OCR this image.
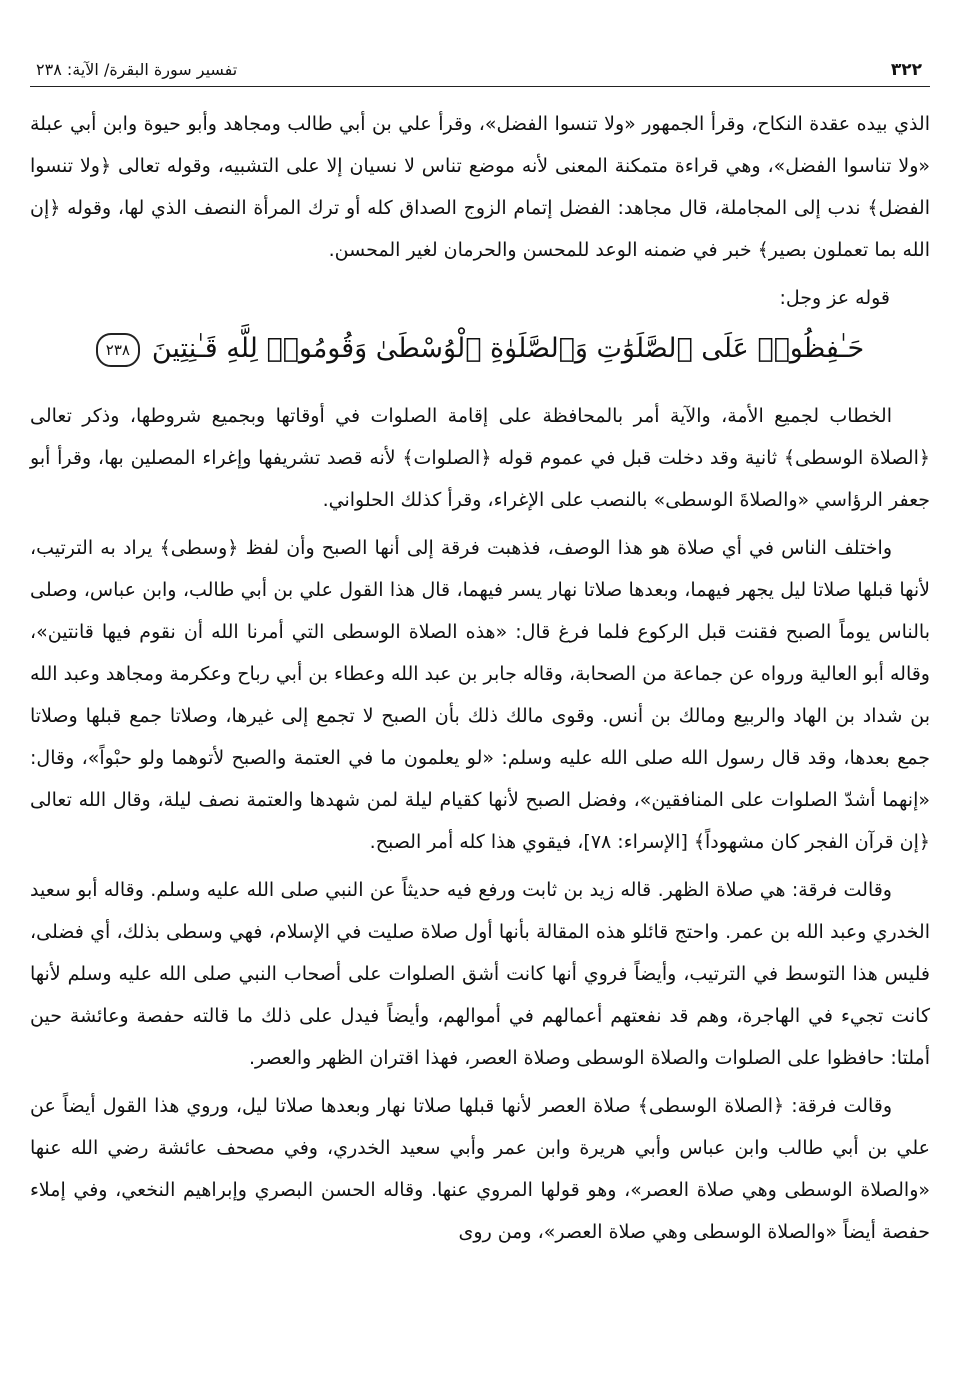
٣٢٢
تفسير سورة البقرة/ الآية: ٢٣٨

الذي بيده عقدة النكاح، وقرأ الجمهور «ولا تنسوا الفضل»، وقرأ علي بن أبي طالب ومجاهد وأبو حيوة وابن أبي عبلة «ولا تناسوا الفضل»، وهي قراءة متمكنة المعنى لأنه موضع تناس لا نسيان إلا على التشبيه، وقوله تعالى ﴿ولا تنسوا الفضل﴾ ندب إلى المجاملة، قال مجاهد: الفضل إتمام الزوج الصداق كله أو ترك المرأة النصف الذي لها، وقوله ﴿إن الله بما تعملون بصير﴾ خبر في ضمنه الوعد للمحسن والحرمان لغير المحسن.

قوله عز وجل:

حَـٰفِظُوا۟ عَلَى ٱلصَّلَوَٰتِ وَٱلصَّلَوٰةِ ٱلْوُسْطَىٰ وَقُومُوا۟ لِلَّهِ قَـٰنِتِينَ٢٣٨

الخطاب لجميع الأمة، والآية أمر بالمحافظة على إقامة الصلوات في أوقاتها وبجميع شروطها، وذكر تعالى ﴿الصلاة الوسطى﴾ ثانية وقد دخلت قبل في عموم قوله ﴿الصلوات﴾ لأنه قصد تشريفها وإغراء المصلين بها، وقرأ أبو جعفر الرؤاسي «والصلاةَ الوسطى» بالنصب على الإغراء، وقرأ كذلك الحلواني.

واختلف الناس في أي صلاة هو هذا الوصف، فذهبت فرقة إلى أنها الصبح وأن لفظ ﴿وسطى﴾ يراد به الترتيب، لأنها قبلها صلاتا ليل يجهر فيهما، وبعدها صلاتا نهار يسر فيهما، قال هذا القول علي بن أبي طالب، وابن عباس، وصلى بالناس يوماً الصبح فقنت قبل الركوع فلما فرغ قال: «هذه الصلاة الوسطى التي أمرنا الله أن نقوم فيها قانتين»، وقاله أبو العالية ورواه عن جماعة من الصحابة، وقاله جابر بن عبد الله وعطاء بن أبي رباح وعكرمة ومجاهد وعبد الله بن شداد بن الهاد والربيع ومالك بن أنس. وقوى مالك ذلك بأن الصبح لا تجمع إلى غيرها، وصلاتا جمع قبلها وصلاتا جمع بعدها، وقد قال رسول الله صلى الله عليه وسلم: «لو يعلمون ما في العتمة والصبح لأتوهما ولو حبْواً»، وقال: «إنهما أشدّ الصلوات على المنافقين»، وفضل الصبح لأنها كقيام ليلة لمن شهدها والعتمة نصف ليلة، وقال الله تعالى ﴿إن قرآن الفجر كان مشهوداً﴾ [الإسراء: ٧٨]، فيقوي هذا كله أمر الصبح.

وقالت فرقة: هي صلاة الظهر. قاله زيد بن ثابت ورفع فيه حديثاً عن النبي صلى الله عليه وسلم. وقاله أبو سعيد الخدري وعبد الله بن عمر. واحتج قائلو هذه المقالة بأنها أول صلاة صليت في الإسلام، فهي وسطى بذلك، أي فضلى، فليس هذا التوسط في الترتيب، وأيضاً فروي أنها كانت أشق الصلوات على أصحاب النبي صلى الله عليه وسلم لأنها كانت تجيء في الهاجرة، وهم قد نفعتهم أعمالهم في أموالهم، وأيضاً فيدل على ذلك ما قالته حفصة وعائشة حين أملتا: حافظوا على الصلوات والصلاة الوسطى وصلاة العصر، فهذا اقتران الظهر والعصر.

وقالت فرقة: ﴿الصلاة الوسطى﴾ صلاة العصر لأنها قبلها صلاتا نهار وبعدها صلاتا ليل، وروي هذا القول أيضاً عن علي بن أبي طالب وابن عباس وأبي هريرة وابن عمر وأبي سعيد الخدري، وفي مصحف عائشة رضي الله عنها «والصلاة الوسطى وهي صلاة العصر»، وهو قولها المروي عنها. وقاله الحسن البصري وإبراهيم النخعي، وفي إملاء حفصة أيضاً «والصلاة الوسطى وهي صلاة العصر»، ومن روى
